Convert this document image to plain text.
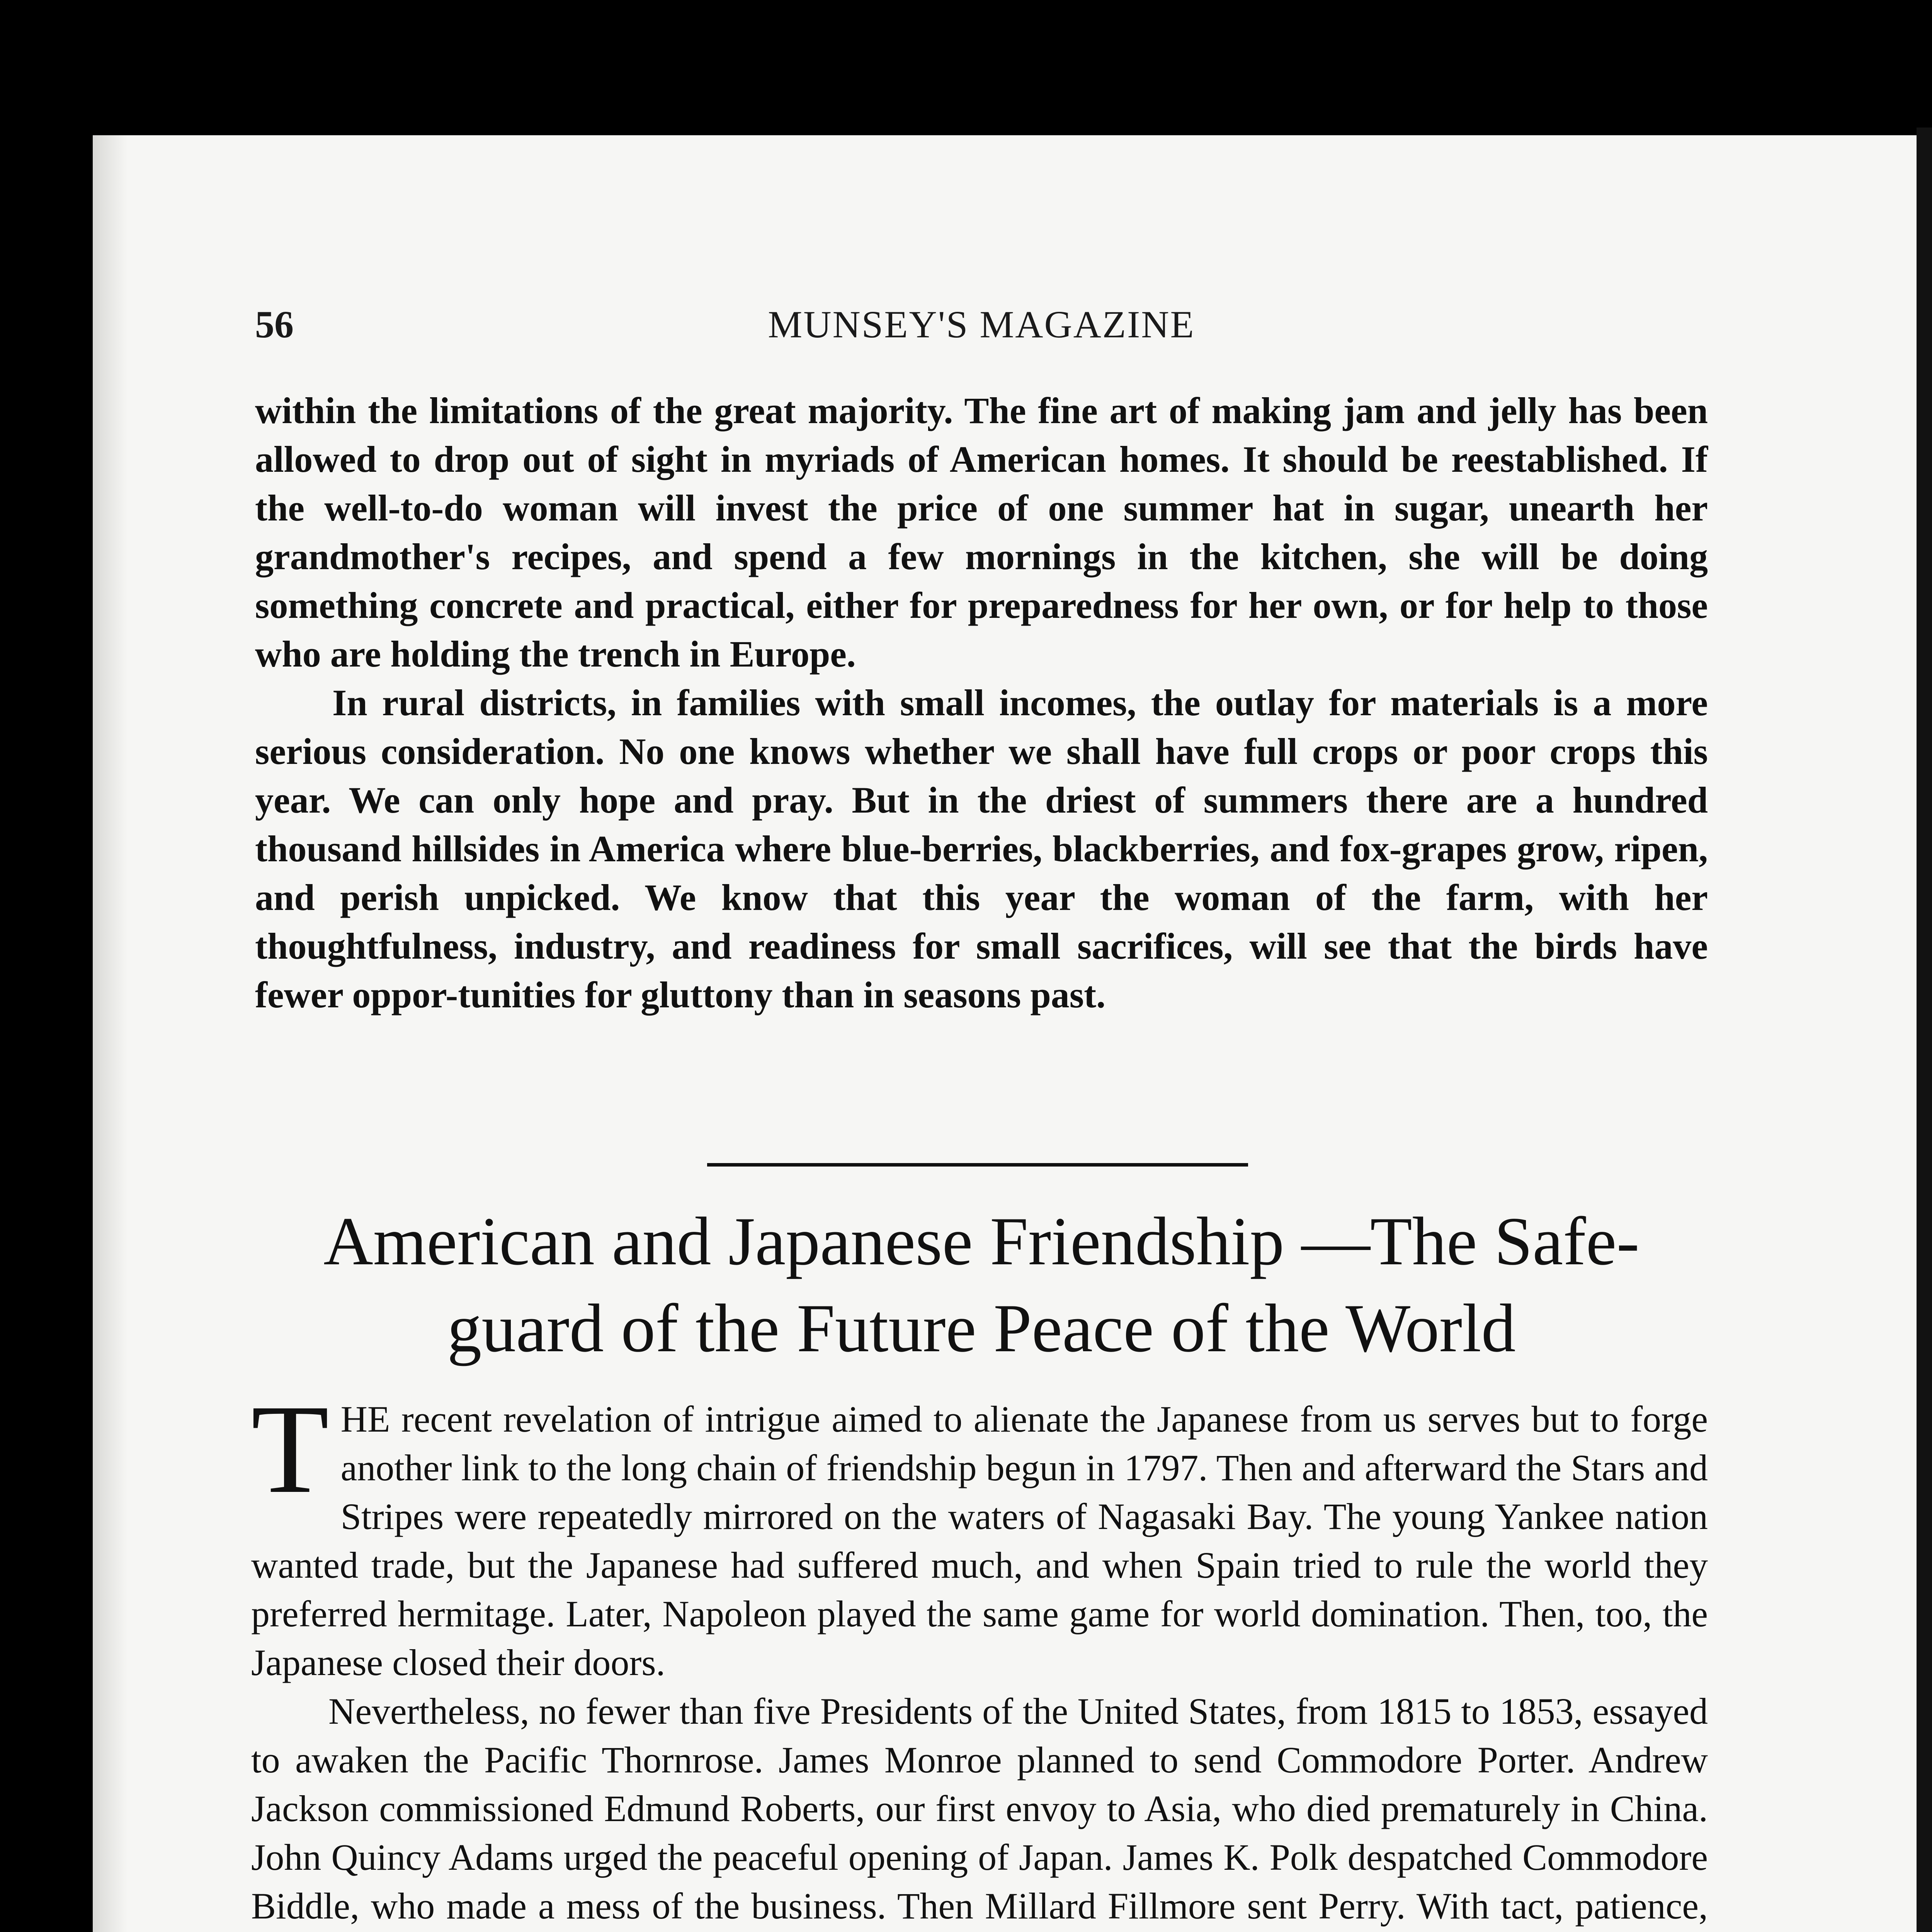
56	MUNSEY'S MAGAZINE

within the limitations of the great majority. The fine art of making jam and jelly has been allowed to drop out of sight in myriads of American homes. It should be reestablished. If the well-to-do woman will invest the price of one summer hat in sugar, unearth her grandmother's recipes, and spend a few mornings in the kitchen, she will be doing something concrete and practical, either for preparedness for her own, or for help to those who are holding the trench in Europe.

In rural districts, in families with small incomes, the outlay for materials is a more serious consideration. No one knows whether we shall have full crops or poor crops this year. We can only hope and pray. But in the driest of summers there are a hundred thousand hillsides in America where blue-berries, blackberries, and fox-grapes grow, ripen, and perish unpicked. We know that this year the woman of the farm, with her thoughtfulness, industry, and readiness for small sacrifices, will see that the birds have fewer oppor-tunities for gluttony than in seasons past.

American and Japanese Friendship —The Safe-
guard of the Future Peace of the World

THE recent revelation of intrigue aimed to alienate the Japanese from us serves but to forge another link to the long chain of friendship begun in 1797. Then and afterward the Stars and Stripes were repeatedly mirrored on the waters of Nagasaki Bay. The young Yankee nation wanted trade, but the Japanese had suffered much, and when Spain tried to rule the world they preferred hermitage. Later, Napoleon played the same game for world domination. Then, too, the Japanese closed their doors.

Nevertheless, no fewer than five Presidents of the United States, from 1815 to 1853, essayed to awaken the Pacific Thornrose. James Monroe planned to send Commodore Porter. Andrew Jackson commissioned Edmund Roberts, our first envoy to Asia, who died prematurely in China. John Quincy Adams urged the peaceful opening of Japan. James K. Polk despatched Commodore Biddle, who made a mess of the business. Then Millard Fillmore sent Perry. With tact, patience,
